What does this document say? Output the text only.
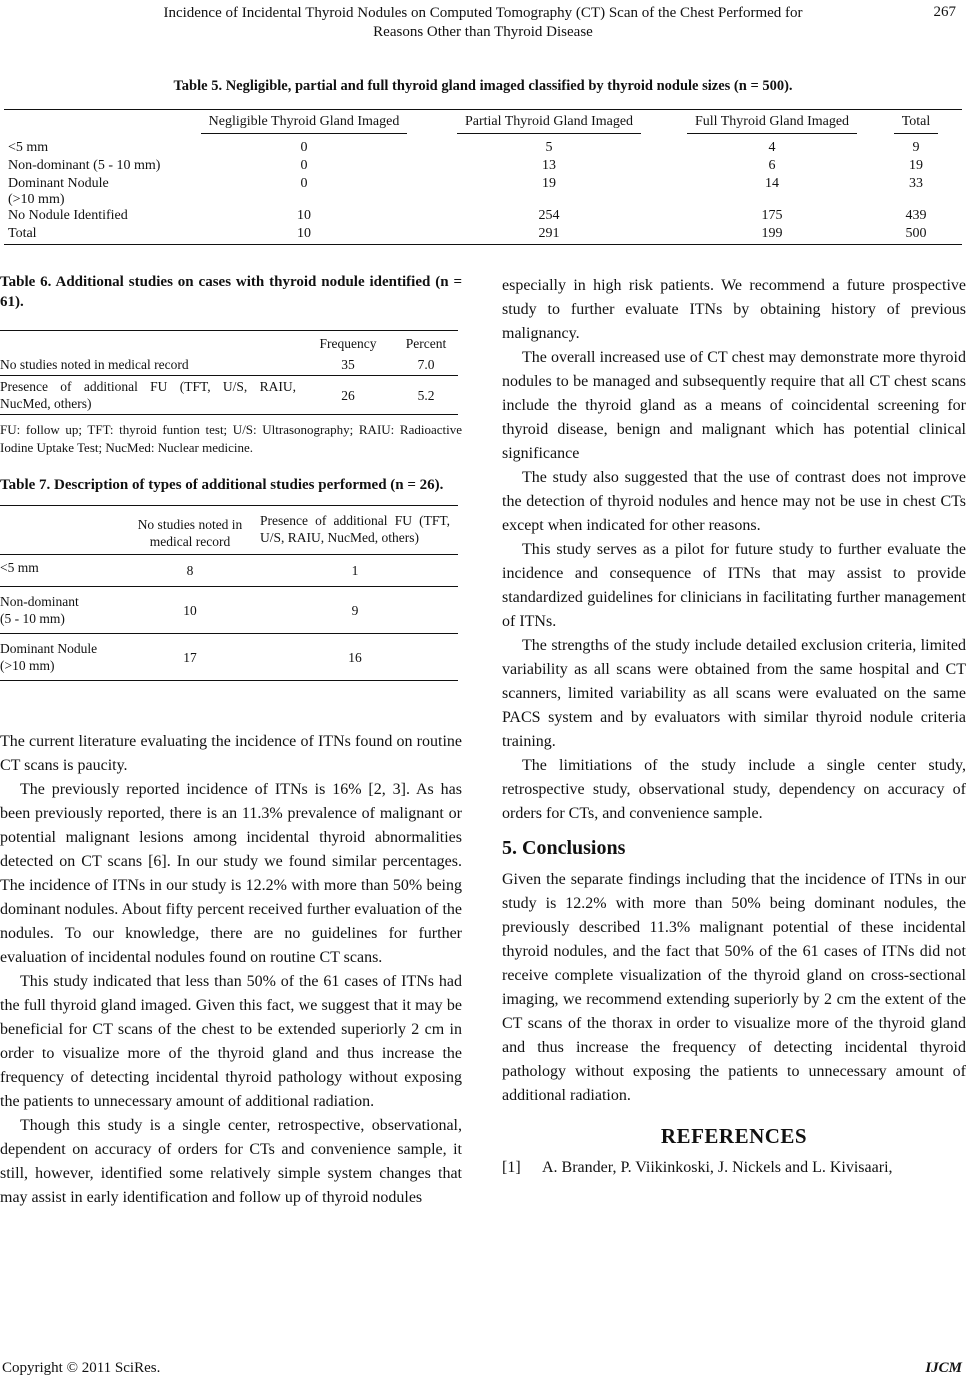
Incidence of Incidental Thyroid Nodules on Computed Tomography (CT) Scan of the Chest Performed for
Reasons Other than Thyroid Disease
267
Table 5. Negligible, partial and full thyroid gland imaged classified by thyroid nodule sizes (n = 500).
	Negligible Thyroid Gland Imaged	Partial Thyroid Gland Imaged	Full Thyroid Gland Imaged	Total
<5 mm	0	5	4	9
Non-dominant (5 - 10 mm)	0	13	6	19

Dominant Nodule
(>10 mm)	0	19	14	33
No Nodule Identified	10	254	175	439
Total	10	291	199	500
Table 6. Additional studies on cases with thyroid nodule identified (n = 61).
	Frequency	Percent
No studies noted in medical record	35	7.0
Presence of additional FU (TFT, U/S, RAIU, NucMed, others)	26	5.2
FU: follow up; TFT: thyroid funtion test; U/S: Ultrasonography; RAIU: Radioactive Iodine Uptake Test; NucMed: Nuclear medicine.
Table 7. Description of types of additional studies performed (n = 26).
	No studies noted in medical record	Presence of additional FU (TFT, U/S, RAIU, NucMed, others)
<5 mm	8	1

Non-dominant
(5 - 10 mm)	10	9

Dominant Nodule
(>10 mm)	17	16

The current literature evaluating the incidence of ITNs found on routine CT scans is paucity.

The previously reported incidence of ITNs is 16% [2, 3]. As has been previously reported, there is an 11.3% prevalence of malignant or potential malignant lesions among incidental thyroid abnormalities detected on CT scans [6]. In our study we found similar percentages. The incidence of ITNs in our study is 12.2% with more than 50% being dominant nodules. About fifty percent received further evaluation of the nodules. To our knowledge, there are no guidelines for further evaluation of incidental nodules found on routine CT scans.

This study indicated that less than 50% of the 61 cases of ITNs had the full thyroid gland imaged. Given this fact, we suggest that it may be beneficial for CT scans of the chest to be extended superiorly 2 cm in order to visualize more of the thyroid gland and thus increase the frequency of detecting incidental thyroid pathology without exposing the patients to unnecessary amount of additional radiation.

Though this study is a single center, retrospective, observational, dependent on accuracy of orders for CTs and convenience sample, it still, however, identified some relatively simple system changes that may assist in early identification and follow up of thyroid nodules

especially in high risk patients. We recommend a future prospective study to further evaluate ITNs by obtaining history of previous malignancy.

The overall increased use of CT chest may demonstrate more thyroid nodules to be managed and subsequently require that all CT chest scans include the thyroid gland as a means of coincidental screening for thyroid disease, benign and malignant which has potential clinical significance

The study also suggested that the use of contrast does not improve the detection of thyroid nodules and hence may not be use in chest CTs except when indicated for other reasons.

This study serves as a pilot for future study to further evaluate the incidence and consequence of ITNs that may assist to provide standardized guidelines for clinicians in facilitating further management of ITNs.

The strengths of the study include detailed exclusion criteria, limited variability as all scans were obtained from the same hospital and CT scanners, limited variability as all scans were evaluated on the same PACS system and by evaluators with similar thyroid nodule criteria training.

The limitiations of the study include a single center study, retrospective study, observational study, dependency on accuracy of orders for CTs, and convenience sample.

5. Conclusions

Given the separate findings including that the incidence of ITNs in our study is 12.2% with more than 50% being dominant nodules, the previously described 11.3% malignant potential of these incidental thyroid nodules, and the fact that 50% of the 61 cases of ITNs did not receive complete visualization of the thyroid gland on cross-sectional imaging, we recommend extending superiorly by 2 cm the extent of the CT scans of the thorax in order to visualize more of the thyroid gland and thus increase the frequency of detecting incidental thyroid pathology without exposing the patients to unnecessary amount of additional radiation.

REFERENCES
[1]	A. Brander, P. Viikinkoski, J. Nickels and L. Kivisaari,
Copyright © 2011 SciRes.	IJCM
